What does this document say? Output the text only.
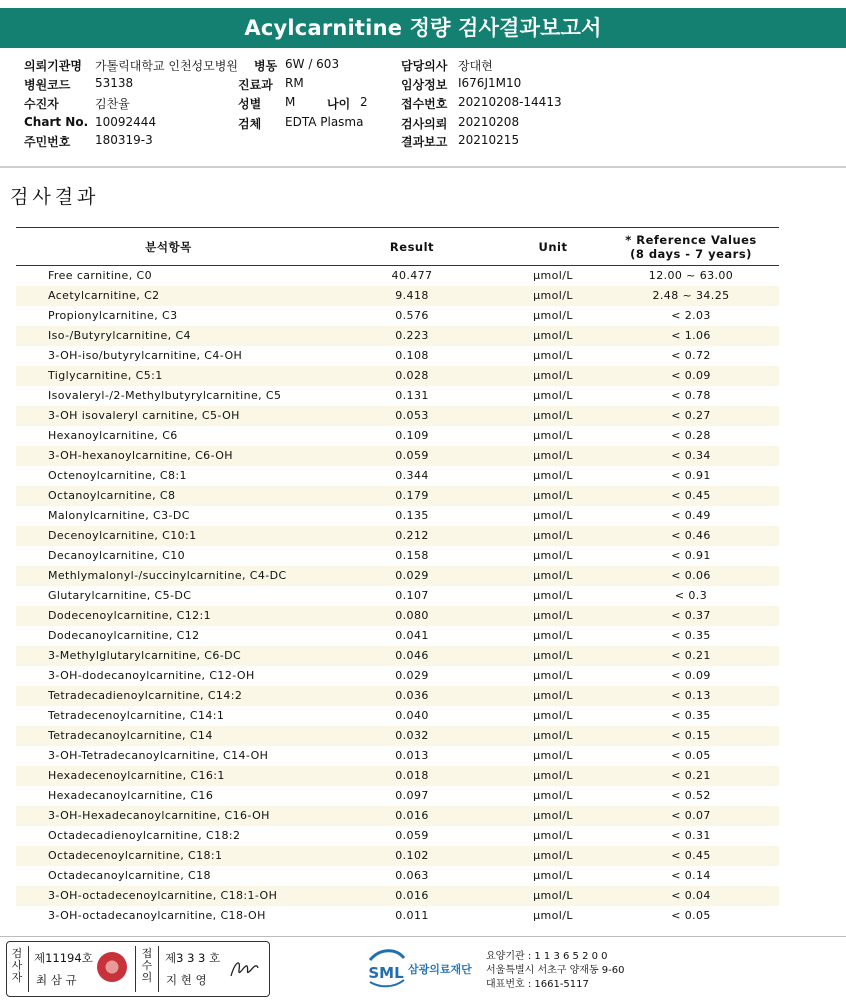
Acylcarnitine 정량 검사결과보고서
의뢰기관명 가톨릭대학교 인천성모병원 병동 6W / 603	담당의사 장대현
병원코드 53138	진료과 RM	임상정보 I676J1M10
수진자	김찬율	성별 M	나이 2	접수번호 20210208-14413
Chart No. 10092444	검체 EDTA Plasma	검사의뢰 20210208
주민번호 180319-3	결과보고 20210215
검사결과
분석항목	Result	Unit	* Reference Values
(8 days - 7 years)

Free carnitine, C0	40.477	μmol/L	12.00 ~ 63.00
Acetylcarnitine, C2	9.418	μmol/L	2.48 ~ 34.25
Propionylcarnitine, C3	0.576	μmol/L	< 2.03
Iso-/Butyrylcarnitine, C4	0.223	μmol/L	< 1.06
3-OH-iso/butyrylcarnitine, C4-OH	0.108	μmol/L	< 0.72
Tiglycarnitine, C5:1	0.028	μmol/L	< 0.09
Isovaleryl-/2-Methylbutyrylcarnitine, C5	0.131	μmol/L	< 0.78
3-OH isovaleryl carnitine, C5-OH	0.053	μmol/L	< 0.27
Hexanoylcarnitine, C6	0.109	μmol/L	< 0.28
3-OH-hexanoylcarnitine, C6-OH	0.059	μmol/L	< 0.34
Octenoylcarnitine, C8:1	0.344	μmol/L	< 0.91
Octanoylcarnitine, C8	0.179	μmol/L	< 0.45
Malonylcarnitine, C3-DC	0.135	μmol/L	< 0.49
Decenoylcarnitine, C10:1	0.212	μmol/L	< 0.46
Decanoylcarnitine, C10	0.158	μmol/L	< 0.91
Methlymalonyl-/succinylcarnitine, C4-DC	0.029	μmol/L	< 0.06
Glutarylcarnitine, C5-DC	0.107	μmol/L	< 0.3
Dodecenoylcarnitine, C12:1	0.080	μmol/L	< 0.37
Dodecanoylcarnitine, C12	0.041	μmol/L	< 0.35
3-Methylglutarylcarnitine, C6-DC	0.046	μmol/L	< 0.21
3-OH-dodecanoylcarnitine, C12-OH	0.029	μmol/L	< 0.09
Tetradecadienoylcarnitine, C14:2	0.036	μmol/L	< 0.13
Tetradecenoylcarnitine, C14:1	0.040	μmol/L	< 0.35
Tetradecanoylcarnitine, C14	0.032	μmol/L	< 0.15
3-OH-Tetradecanoylcarnitine, C14-OH	0.013	μmol/L	< 0.05
Hexadecenoylcarnitine, C16:1	0.018	μmol/L	< 0.21
Hexadecanoylcarnitine, C16	0.097	μmol/L	< 0.52
3-OH-Hexadecanoylcarnitine, C16-OH	0.016	μmol/L	< 0.07
Octadecadienoylcarnitine, C18:2	0.059	μmol/L	< 0.31
Octadecenoylcarnitine, C18:1	0.102	μmol/L	< 0.45
Octadecanoylcarnitine, C18	0.063	μmol/L	< 0.14
3-OH-octadecenoylcarnitine, C18:1-OH	0.016	μmol/L	< 0.04
3-OH-octadecanoylcarnitine, C18-OH	0.011	μmol/L	< 0.05
검사자
제11194호
최 삼 규
접수의
제3 3 3 호
지 현 영	SML 삼광의료재단
요양기관 : 1 1 3 6 5 2 0 0
서울특별시 서초구 양재동 9-60
대표번호 : 1661-5117
